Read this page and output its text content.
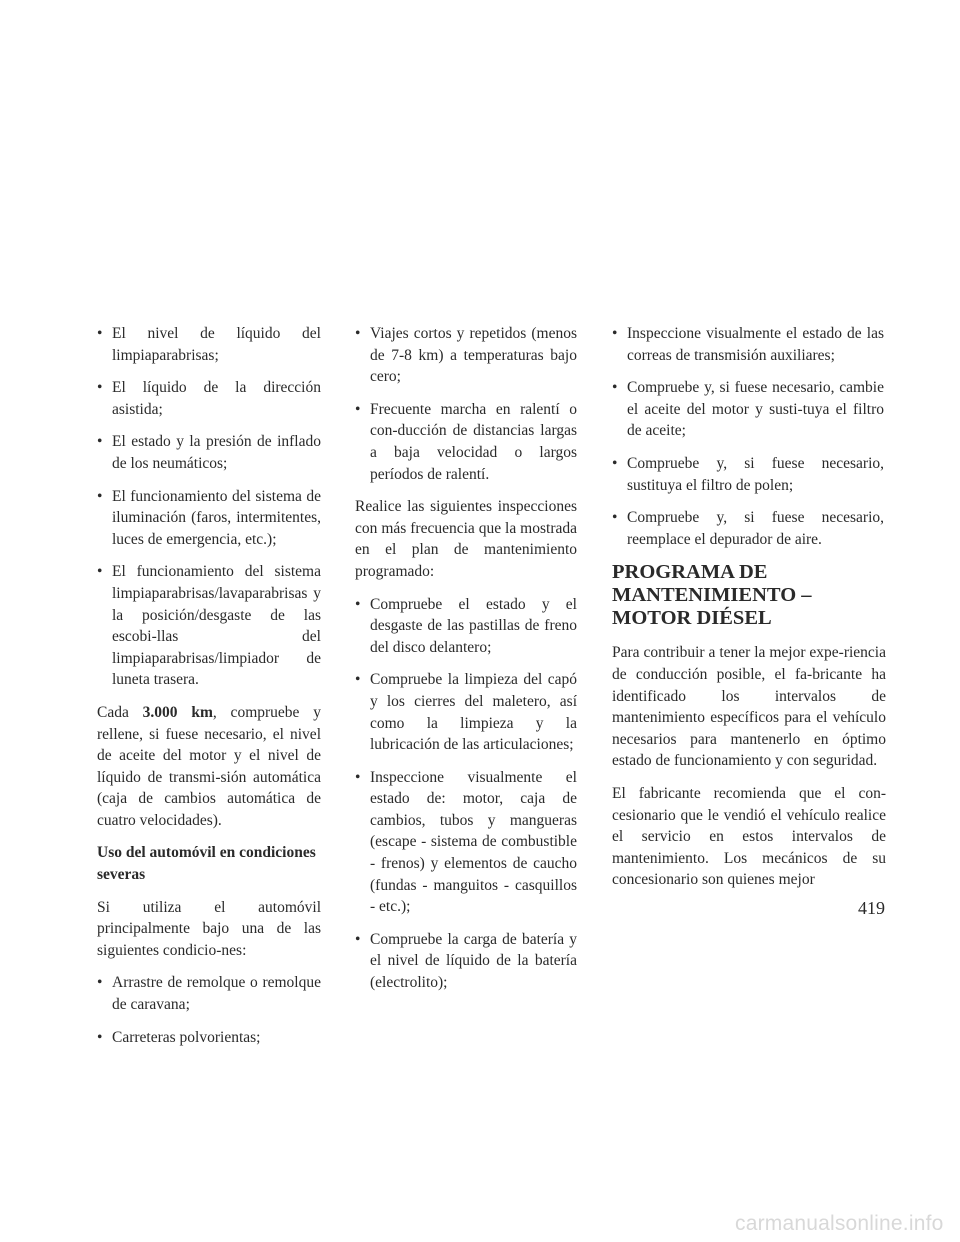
• El nivel de líquido del limpiaparabrisas;
• El líquido de la dirección asistida;
• El estado y la presión de inflado de los neumáticos;
• El funcionamiento del sistema de iluminación (faros, intermitentes, luces de emergencia, etc.);
• El funcionamiento del sistema limpiaparabrisas/lavaparabrisas y la posición/desgaste de las escobi-llas del limpiaparabrisas/limpiador de luneta trasera.

Cada 3.000 km, compruebe y rellene, si fuese necesario, el nivel de aceite del motor y el nivel de líquido de transmi-sión automática (caja de cambios automática de cuatro velocidades).

Uso del automóvil en condiciones severas

Si utiliza el automóvil principalmente bajo una de las siguientes condicio-nes:

• Arrastre de remolque o remolque de caravana;
• Carreteras polvorientas;
• Viajes cortos y repetidos (menos de 7-8 km) a temperaturas bajo cero;
• Frecuente marcha en ralentí o con-ducción de distancias largas a baja velocidad o largos períodos de ralentí.

Realice las siguientes inspecciones con más frecuencia que la mostrada en el plan de mantenimiento programado:

• Compruebe el estado y el desgaste de las pastillas de freno del disco delantero;
• Compruebe la limpieza del capó y los cierres del maletero, así como la limpieza y la lubricación de las articulaciones;
• Inspeccione visualmente el estado de: motor, caja de cambios, tubos y mangueras (escape - sistema de combustible - frenos) y elementos de caucho (fundas - manguitos - casquillos - etc.);
• Compruebe la carga de batería y el nivel de líquido de la batería (electrolito);
• Inspeccione visualmente el estado de las correas de transmisión auxiliares;
• Compruebe y, si fuese necesario, cambie el aceite del motor y susti-tuya el filtro de aceite;
• Compruebe y, si fuese necesario, sustituya el filtro de polen;
• Compruebe y, si fuese necesario, reemplace el depurador de aire.
PROGRAMA DE
MANTENIMIENTO –
MOTOR DIÉSEL

Para contribuir a tener la mejor expe-riencia de conducción posible, el fa-bricante ha identificado los intervalos de mantenimiento específicos para el vehículo necesarios para mantenerlo en óptimo estado de funcionamiento y con seguridad.

El fabricante recomienda que el con-cesionario que le vendió el vehículo realice el servicio en estos intervalos de mantenimiento. Los mecánicos de su concesionario son quienes mejor

419
carmanualsonline.info
